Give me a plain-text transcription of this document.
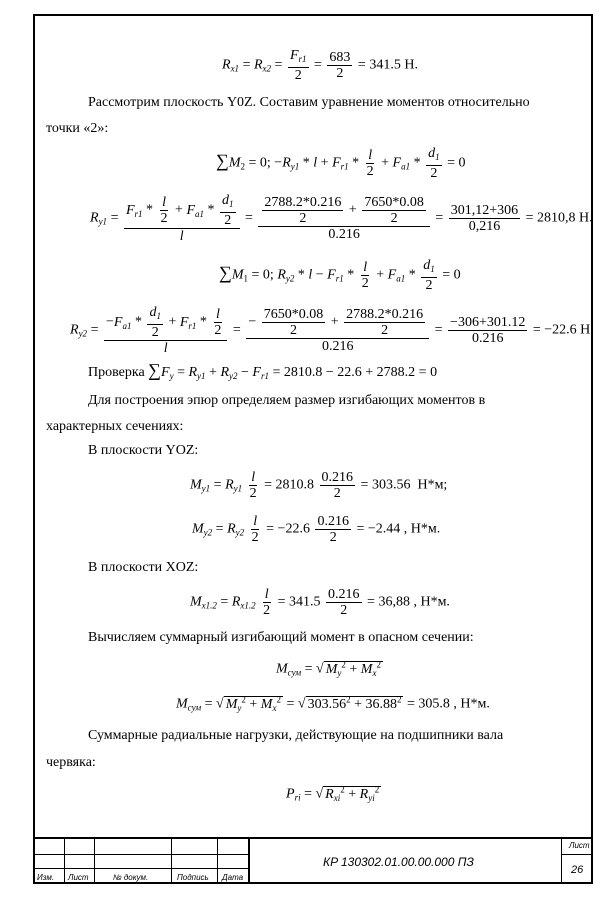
$R_{x1} = R_{x2} = \frac{F_{r1}}{2} = \frac{683}{2} = 341.5$ Н.
Рассмотрим плоскость Y0Z. Составим уравнение моментов относительно
точки «2»:
$\sum M_2 = 0$; $-R_{y1} * l + F_{r1} * \frac{l}{2} + F_{a1} * \frac{d_1}{2} = 0$
$R_{y1} = \frac{F_{r1} * \frac{l}{2} + F_{a1} * \frac{d_1}{2}}{l} = \frac{\frac{2788.2*0.216}{2} + \frac{7650*0.08}{2}}{0.216} = \frac{301,12+306}{0,216} = 2810,8$ Н.
$\sum M_1 = 0$; $R_{y2} * l - F_{r1} * \frac{l}{2} + F_{a1} * \frac{d_1}{2} = 0$
$R_{y2} = \frac{-F_{a1} * \frac{d_1}{2} + F_{r1} * \frac{l}{2}}{l} = \frac{- \frac{7650*0.08}{2} + \frac{2788.2*0.216}{2}}{0.216} = \frac{-306+301.12}{0.216} = -22.6$ Н.
Проверка $\sum F_y = R_{y1} + R_{y2} - F_{r1} = 2810.8 - 22.6 + 2788.2 = 0$
Для построения эпюр определяем размер изгибающих моментов в
характерных сечениях:
В плоскости YOZ:
$M_{y1} = R_{y1} \frac{l}{2} = 2810.8 \frac{0.216}{2} = 303.56$ Н*м;
$M_{y2} = R_{y2} \frac{l}{2} = -22.6 \frac{0.216}{2} = -2.44$ , Н*м.
В плоскости XOZ:
$M_{x1.2} = R_{x1.2} \frac{l}{2} = 341.5 \frac{0.216}{2} = 36,88$ , Н*м.
Вычисляем суммарный изгибающий момент в опасном сечении:
$M_{сум}$ = √ $M_y^2 + M_x^2$
$M_{сум}$ = √ $M_y^2 + M_x^2$ = √ $303.56^2 + 36.88^2 = 305.8$ , Н*м.
Суммарные радиальные нагрузки, действующие на подшипники вала
червяка:
$P_{ri}$ = √ $R_{xi}^2 + R_{yi}^2$
Изм. Лист	№ докум.	Подпись Дата
КP 130302.01.00.00.000 ПЗ
Лист
26
